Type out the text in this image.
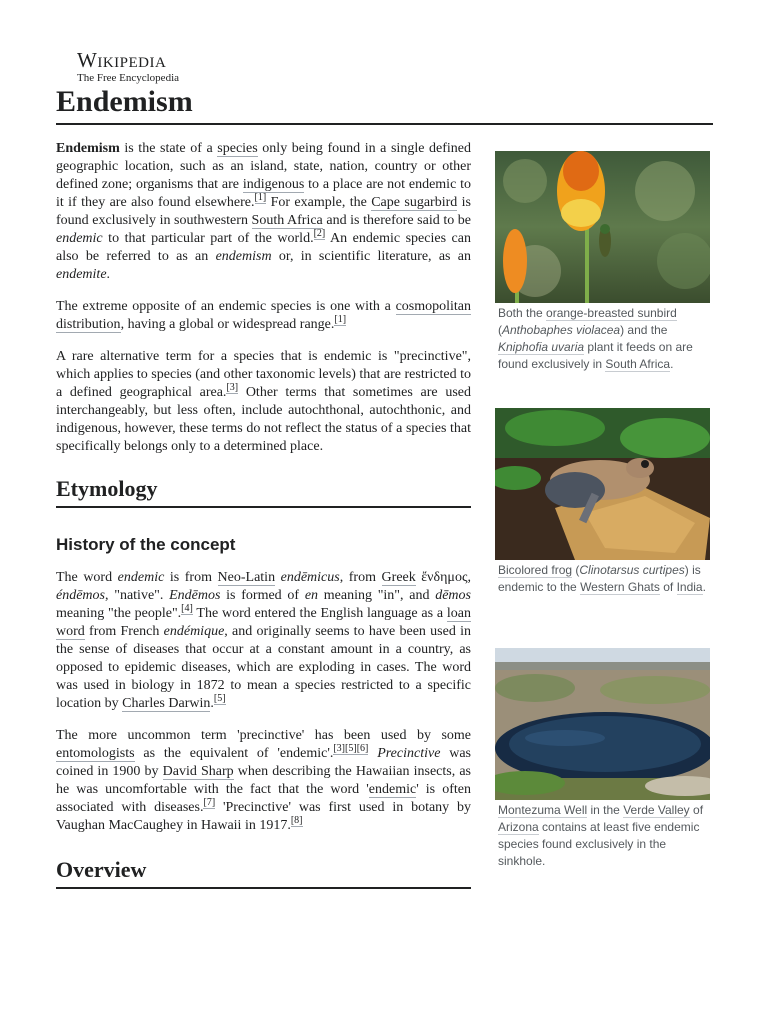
Wikipedia
The Free Encyclopedia
Endemism

Endemism is the state of a species only being found in a single defined geographic location, such as an island, state, nation, country or other defined zone; organisms that are indigenous to a place are not endemic to it if they are also found elsewhere.[1] For example, the Cape sugarbird is found exclusively in southwestern South Africa and is therefore said to be endemic to that particular part of the world.[2] An endemic species can also be referred to as an endemism or, in scientific literature, as an endemite.

The extreme opposite of an endemic species is one with a cosmopolitan distribution, having a global or widespread range.[1]

A rare alternative term for a species that is endemic is "precinctive", which applies to species (and other taxonomic levels) that are restricted to a defined geographical area.[3] Other terms that sometimes are used interchangeably, but less often, include autochthonal, autochthonic, and indigenous, however, these terms do not reflect the status of a species that specifically belongs only to a determined place.

Etymology
History of the concept

The word endemic is from Neo-Latin endēmicus, from Greek ἔνδημος, éndēmos, "native". Endēmos is formed of en meaning "in", and dēmos meaning "the people".[4] The word entered the English language as a loan word from French endémique, and originally seems to have been used in the sense of diseases that occur at a constant amount in a country, as opposed to epidemic diseases, which are exploding in cases. The word was used in biology in 1872 to mean a species restricted to a specific location by Charles Darwin.[5]

The more uncommon term 'precinctive' has been used by some entomologists as the equivalent of 'endemic'.[3][5][6] Precinctive was coined in 1900 by David Sharp when describing the Hawaiian insects, as he was uncomfortable with the fact that the word 'endemic' is often associated with diseases.[7] 'Precinctive' was first used in botany by Vaughan MacCaughey in Hawaii in 1917.[8]

Overview
Both the orange-breasted sunbird (Anthobaphes violacea) and the Kniphofia uvaria plant it feeds on are found exclusively in South Africa.
Bicolored frog (Clinotarsus curtipes) is endemic to the Western Ghats of India.
Montezuma Well in the Verde Valley of Arizona contains at least five endemic species found exclusively in the sinkhole.
